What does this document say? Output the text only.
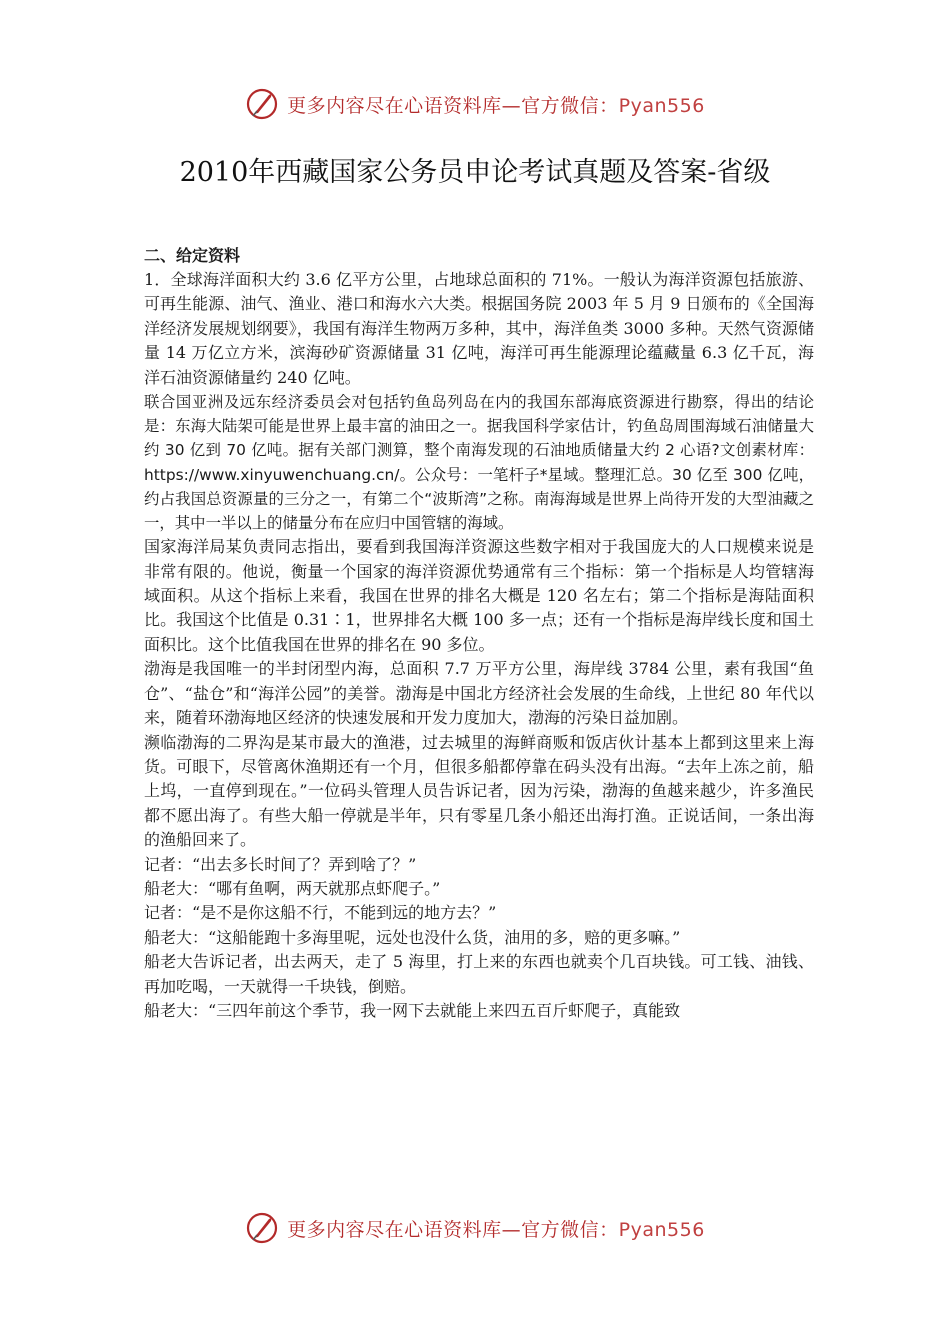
更多内容尽在心语资料库—官方微信：Pyan556
2010年西藏国家公务员申论考试真题及答案-省级

二、给定资料

1．全球海洋面积大约 3.6 亿平方公里，占地球总面积的 71%。一般认为海洋资源包括旅游、可再生能源、油气、渔业、港口和海水六大类。根据国务院 2003 年 5 月 9 日颁布的《全国海洋经济发展规划纲要》，我国有海洋生物两万多种，其中，海洋鱼类 3000 多种。天然气资源储量 14 万亿立方米，滨海砂矿资源储量 31 亿吨，海洋可再生能源理论蕴藏量 6.3 亿千瓦，海洋石油资源储量约 240 亿吨。

联合国亚洲及远东经济委员会对包括钓鱼岛列岛在内的我国东部海底资源进行勘察，得出的结论是：东海大陆架可能是世界上最丰富的油田之一。据我国科学家估计，钓鱼岛周围海域石油储量大约 30 亿到 70 亿吨。据有关部门测算，整个南海发现的石油地质储量大约 2 心语?文创素材库：https://www.xinyuwenchuang.cn/。公众号：一笔杆子*星域。整理汇总。30 亿至 300 亿吨，约占我国总资源量的三分之一，有第二个“波斯湾”之称。南海海域是世界上尚待开发的大型油藏之一，其中一半以上的储量分布在应归中国管辖的海域。

国家海洋局某负责同志指出，要看到我国海洋资源这些数字相对于我国庞大的人口规模来说是非常有限的。他说，衡量一个国家的海洋资源优势通常有三个指标：第一个指标是人均管辖海域面积。从这个指标上来看，我国在世界的排名大概是 120 名左右；第二个指标是海陆面积比。我国这个比值是 0.31∶1，世界排名大概 100 多一点；还有一个指标是海岸线长度和国土面积比。这个比值我国在世界的排名在 90 多位。

渤海是我国唯一的半封闭型内海，总面积 7.7 万平方公里，海岸线 3784 公里，素有我国“鱼仓”、“盐仓”和“海洋公园”的美誉。渤海是中国北方经济社会发展的生命线，上世纪 80 年代以来，随着环渤海地区经济的快速发展和开发力度加大，渤海的污染日益加剧。

濒临渤海的二界沟是某市最大的渔港，过去城里的海鲜商贩和饭店伙计基本上都到这里来上海货。可眼下，尽管离休渔期还有一个月，但很多船都停靠在码头没有出海。“去年上冻之前，船上坞，一直停到现在。”一位码头管理人员告诉记者，因为污染，渤海的鱼越来越少，许多渔民都不愿出海了。有些大船一停就是半年，只有零星几条小船还出海打渔。正说话间，一条出海的渔船回来了。

记者：“出去多长时间了？弄到啥了？”

船老大：“哪有鱼啊，两天就那点虾爬子。”

记者：“是不是你这船不行，不能到远的地方去？”

船老大：“这船能跑十多海里呢，远处也没什么货，油用的多，赔的更多嘛。”

船老大告诉记者，出去两天，走了 5 海里，打上来的东西也就卖个几百块钱。可工钱、油钱、再加吃喝，一天就得一千块钱，倒赔。

船老大：“三四年前这个季节，我一网下去就能上来四五百斤虾爬子，真能致

更多内容尽在心语资料库—官方微信：Pyan556
